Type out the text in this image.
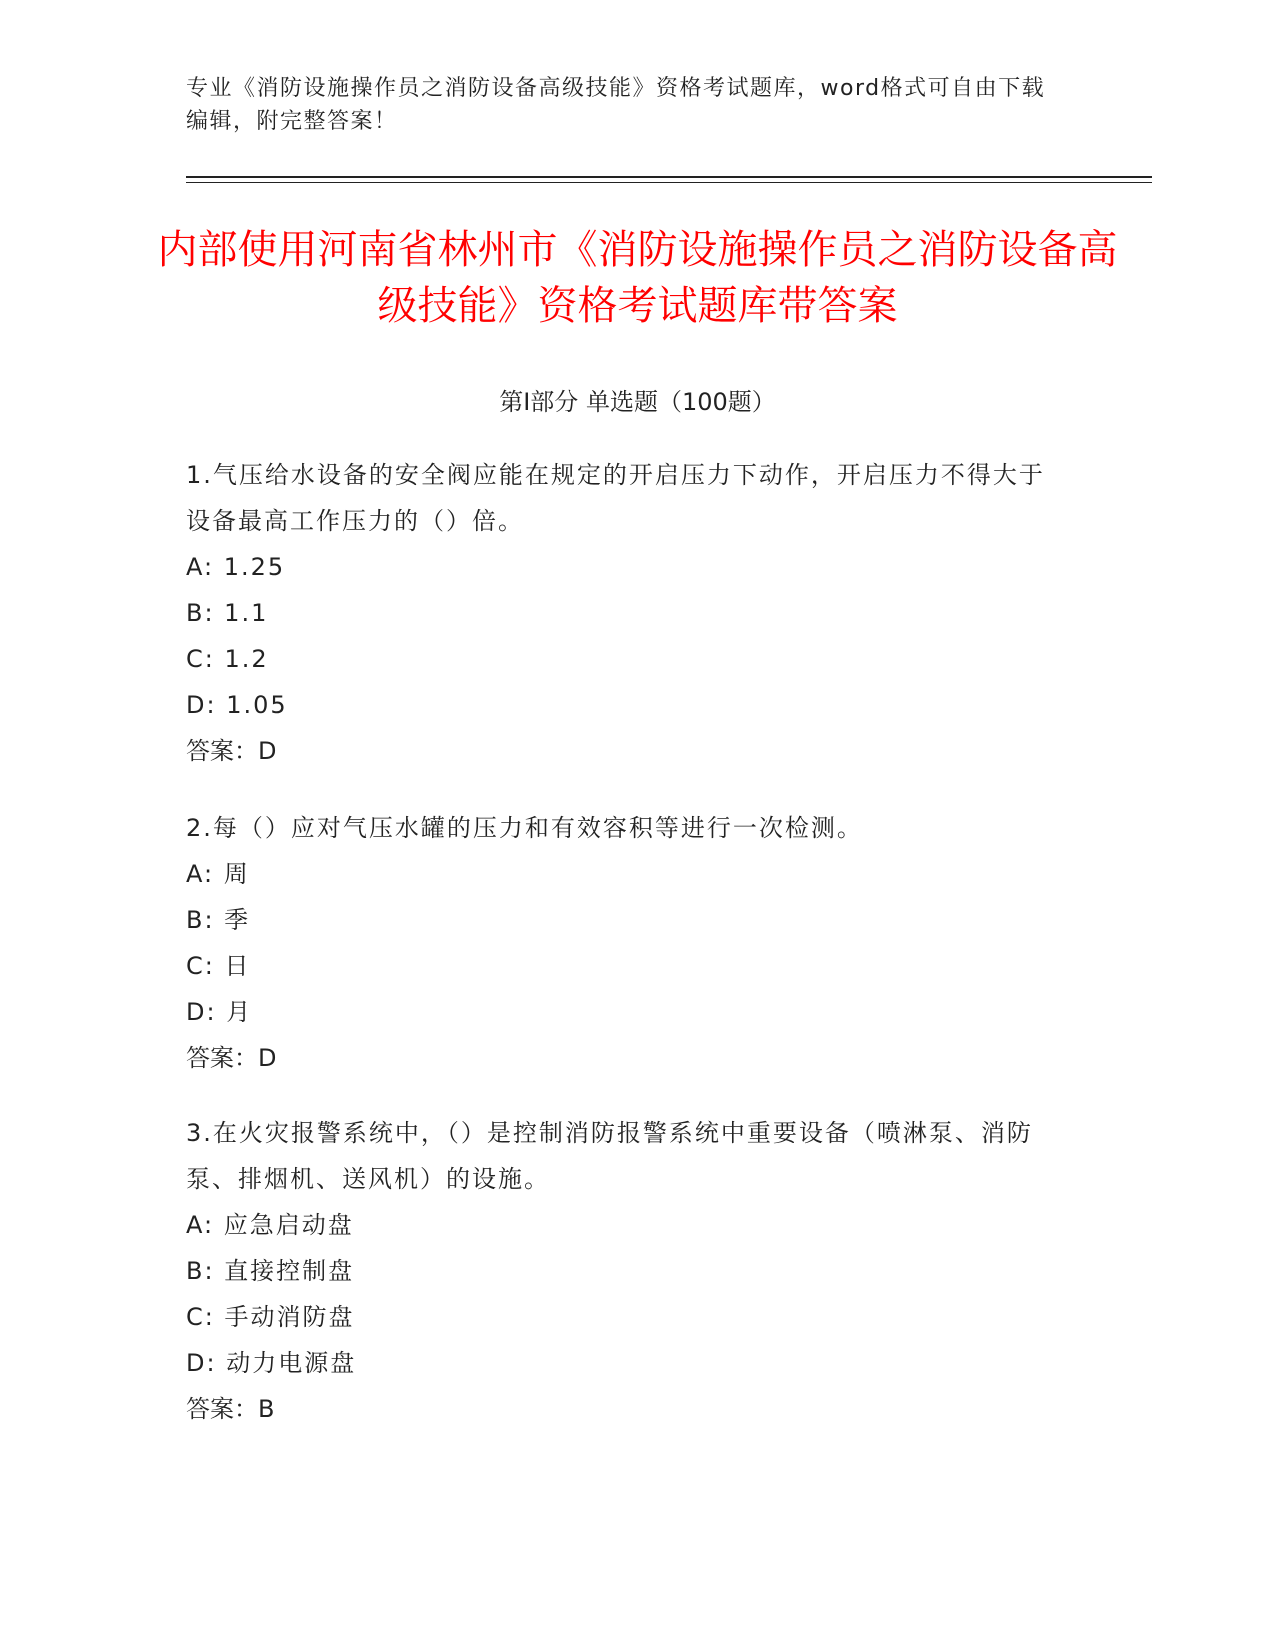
专业《消防设施操作员之消防设备高级技能》资格考试题库，word格式可自由下载编辑，附完整答案！
内部使用河南省林州市《消防设施操作员之消防设备高级技能》资格考试题库带答案
第I部分 单选题（100题）
1.气压给水设备的安全阀应能在规定的开启压力下动作，开启压力不得大于设备最高工作压力的（）倍。
A: 1.25
B: 1.1
C: 1.2
D: 1.05
答案：D
2.每（）应对气压水罐的压力和有效容积等进行一次检测。
A: 周
B: 季
C: 日
D: 月
答案：D
3.在火灾报警系统中，（）是控制消防报警系统中重要设备（喷淋泵、消防泵、排烟机、送风机）的设施。
A: 应急启动盘
B: 直接控制盘
C: 手动消防盘
D: 动力电源盘
答案：B
